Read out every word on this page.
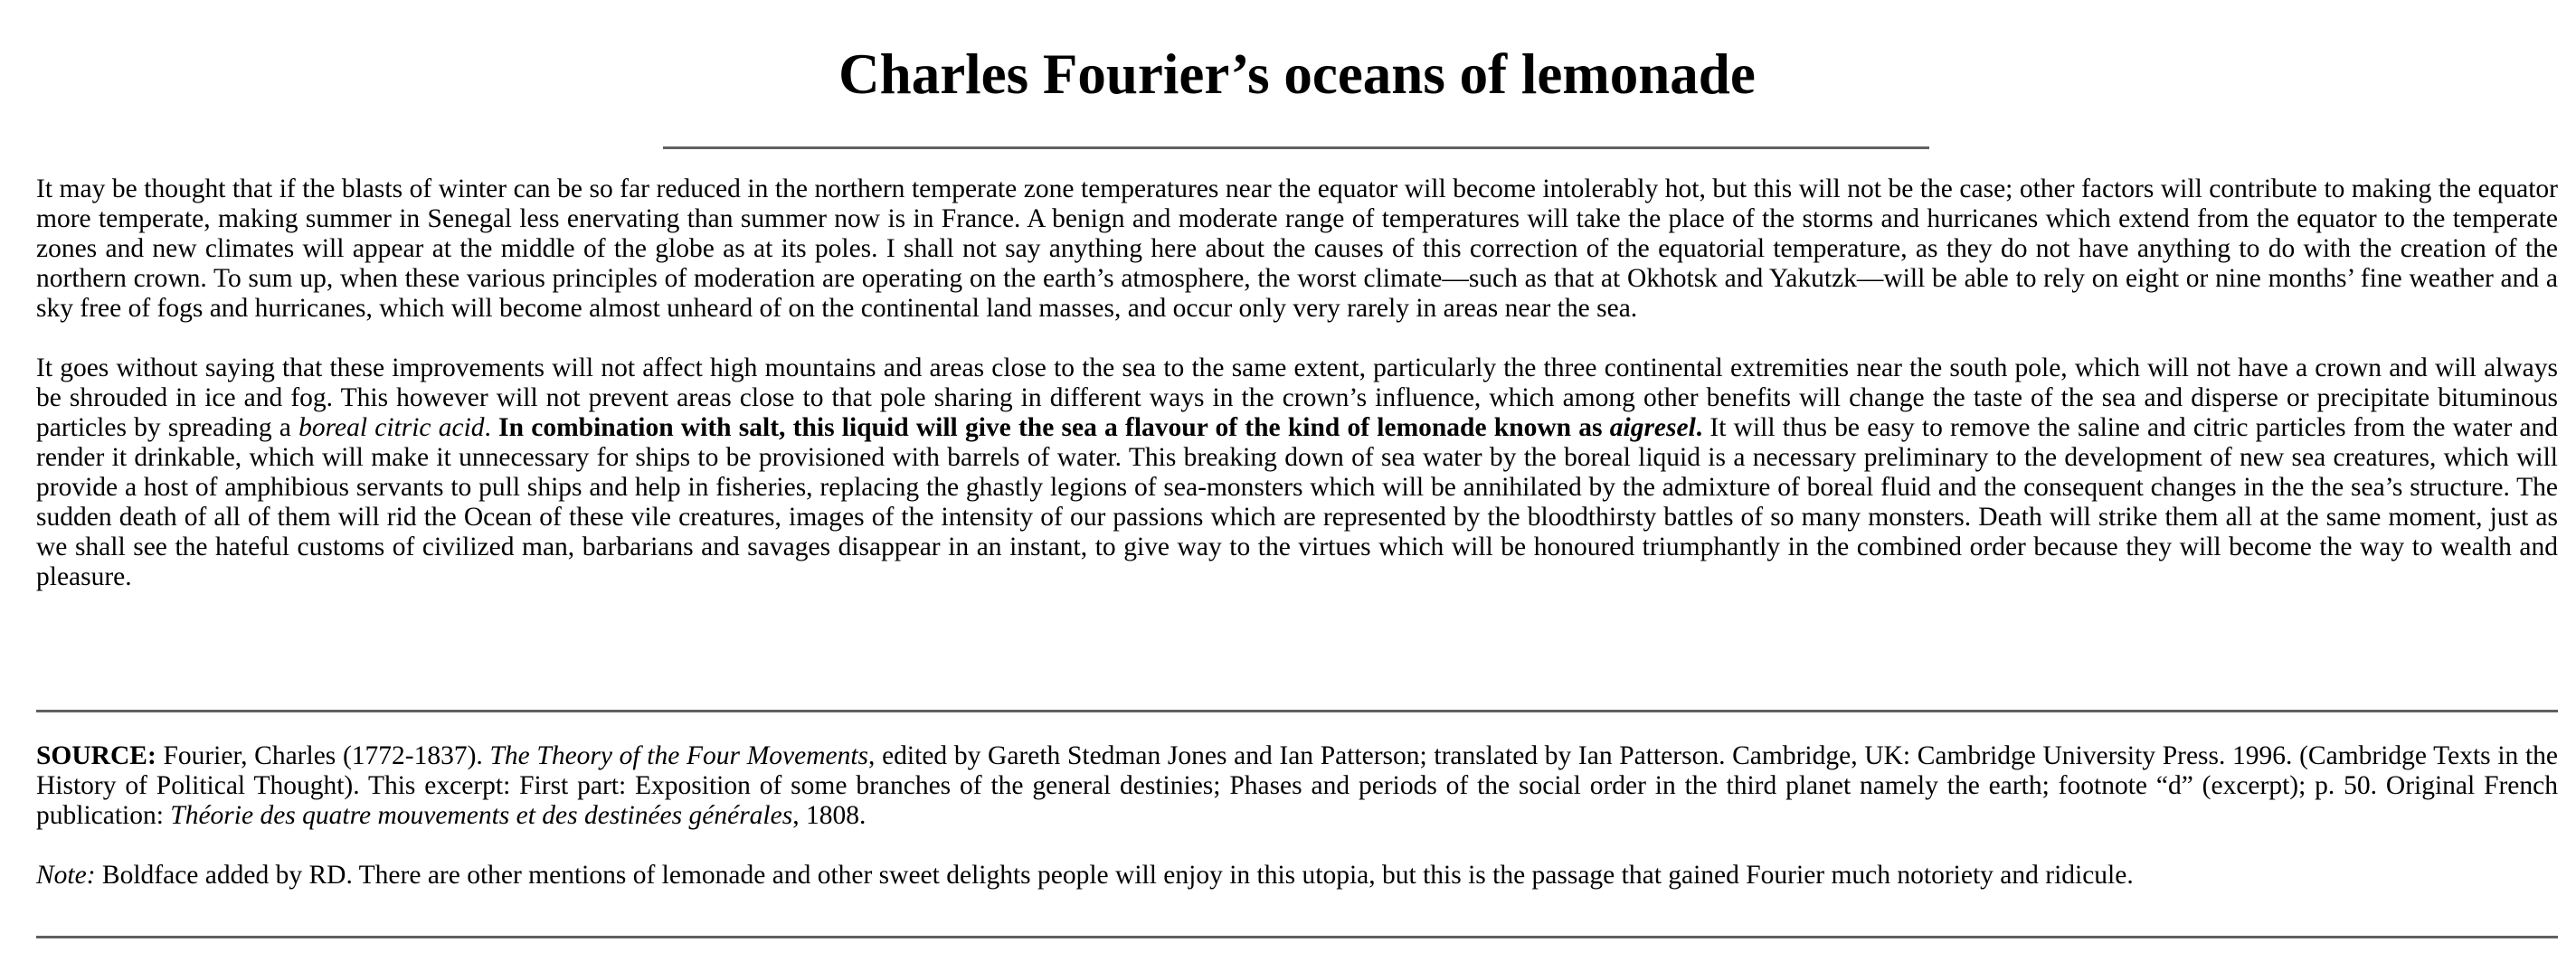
Charles Fourier’s oceans of lemonade

It may be thought that if the blasts of winter can be so far reduced in the northern temperate zone temperatures near the equator will become intolerably hot, but this will not be the case; other factors will contribute to making the equator more temperate, making summer in Senegal less enervating than summer now is in France. A benign and moderate range of temperatures will take the place of the storms and hurricanes which extend from the equator to the temperate zones and new climates will appear at the middle of the globe as at its poles. I shall not say anything here about the causes of this correction of the equatorial temperature, as they do not have anything to do with the creation of the northern crown. To sum up, when these various principles of moderation are operating on the earth’s atmosphere, the worst climate—such as that at Okhotsk and Yakutzk—will be able to rely on eight or nine months’ fine weather and a sky free of fogs and hurricanes, which will become almost unheard of on the continental land masses, and occur only very rarely in areas near the sea.

It goes without saying that these improvements will not affect high mountains and areas close to the sea to the same extent, particularly the three continental extremities near the south pole, which will not have a crown and will always be shrouded in ice and fog. This however will not prevent areas close to that pole sharing in different ways in the crown’s influence, which among other benefits will change the taste of the sea and disperse or precipitate bituminous particles by spreading a boreal citric acid. In combination with salt, this liquid will give the sea a flavour of the kind of lemonade known as aigresel. It will thus be easy to remove the saline and citric particles from the water and render it drinkable, which will make it unnecessary for ships to be provisioned with barrels of water. This breaking down of sea water by the boreal liquid is a necessary preliminary to the development of new sea creatures, which will provide a host of amphibious servants to pull ships and help in fisheries, replacing the ghastly legions of sea-monsters which will be annihilated by the admixture of boreal fluid and the consequent changes in the the sea’s structure. The sudden death of all of them will rid the Ocean of these vile creatures, images of the intensity of our passions which are represented by the bloodthirsty battles of so many monsters. Death will strike them all at the same moment, just as we shall see the hateful customs of civilized man, barbarians and savages disappear in an instant, to give way to the virtues which will be honoured triumphantly in the combined order because they will become the way to wealth and pleasure.

SOURCE: Fourier, Charles (1772-1837). The Theory of the Four Movements, edited by Gareth Stedman Jones and Ian Patterson; translated by Ian Patterson. Cambridge, UK: Cambridge University Press. 1996. (Cambridge Texts in the History of Political Thought). This excerpt: First part: Exposition of some branches of the general destinies; Phases and periods of the social order in the third planet namely the earth; footnote “d” (excerpt); p. 50. Original French publication: Théorie des quatre mouvements et des destinées générales, 1808.

Note: Boldface added by RD. There are other mentions of lemonade and other sweet delights people will enjoy in this utopia, but this is the passage that gained Fourier much notoriety and ridicule.
